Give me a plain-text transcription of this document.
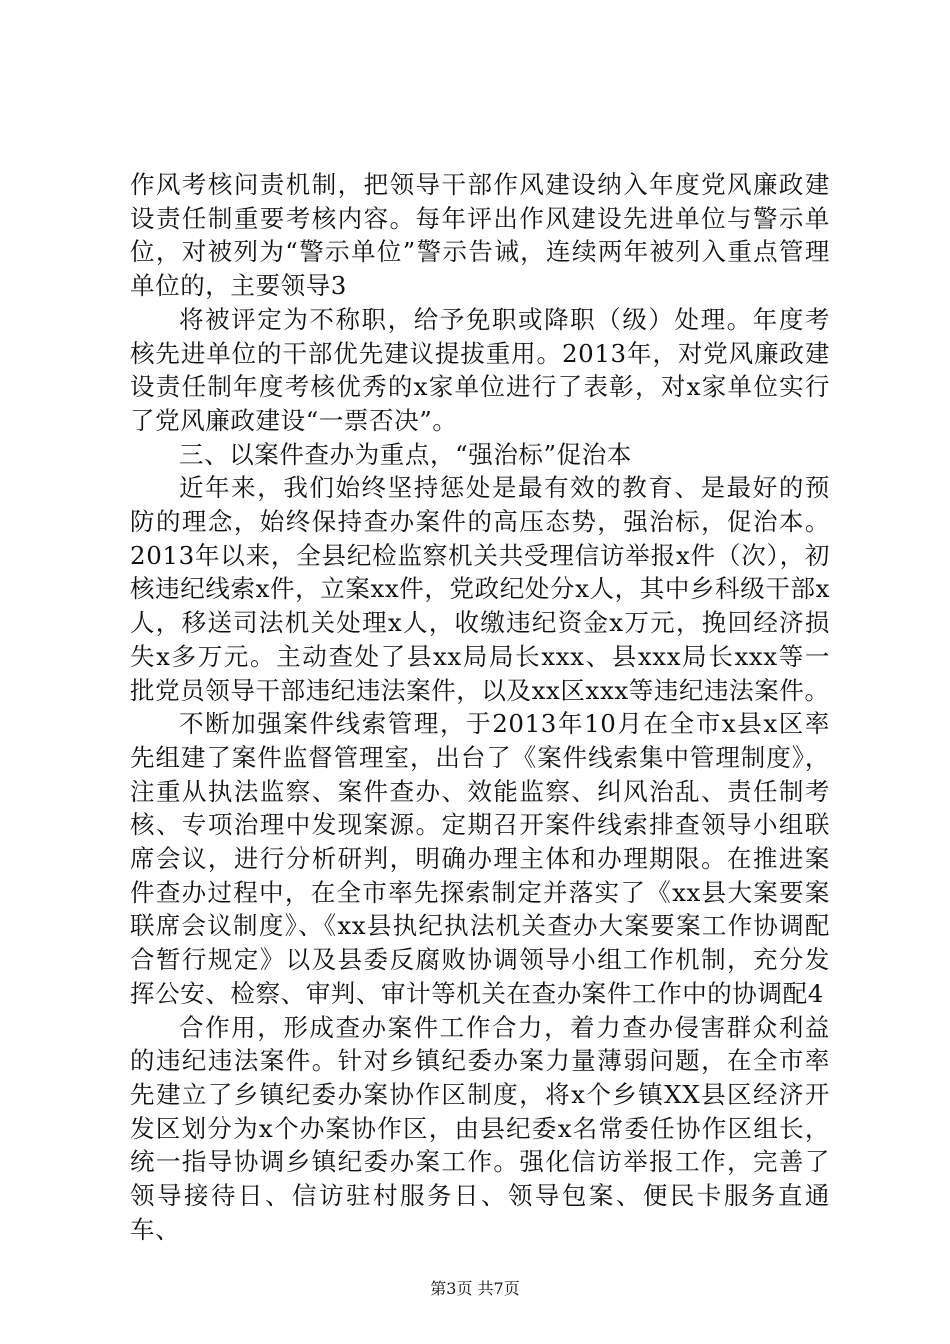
作风考核问责机制，把领导干部作风建设纳入年度党风廉政建设责任制重要考核内容。每年评出作风建设先进单位与警示单位，对被列为“警示单位”警示告诫，连续两年被列入重点管理单位的，主要领导3

将被评定为不称职，给予免职或降职（级）处理。年度考核先进单位的干部优先建议提拔重用。2013年，对党风廉政建设责任制年度考核优秀的x家单位进行了表彰，对x家单位实行了党风廉政建设“一票否决”。

三、以案件查办为重点，“强治标”促治本

近年来，我们始终坚持惩处是最有效的教育、是最好的预防的理念，始终保持查办案件的高压态势，强治标，促治本。2013年以来，全县纪检监察机关共受理信访举报x件（次），初核违纪线索x件，立案xx件，党政纪处分x人，其中乡科级干部x人，移送司法机关处理x人，收缴违纪资金x万元，挽回经济损失x多万元。主动查处了县xx局局长xxx、县xxx局长xxx等一批党员领导干部违纪违法案件，以及xx区xxx等违纪违法案件。

不断加强案件线索管理，于2013年10月在全市x县x区率先组建了案件监督管理室，出台了《案件线索集中管理制度》，注重从执法监察、案件查办、效能监察、纠风治乱、责任制考核、专项治理中发现案源。定期召开案件线索排查领导小组联席会议，进行分析研判，明确办理主体和办理期限。在推进案件查办过程中，在全市率先探索制定并落实了《xx县大案要案联席会议制度》、《xx县执纪执法机关查办大案要案工作协调配合暂行规定》以及县委反腐败协调领导小组工作机制，充分发挥公安、检察、审判、审计等机关在查办案件工作中的协调配4

合作用，形成查办案件工作合力，着力查办侵害群众利益的违纪违法案件。针对乡镇纪委办案力量薄弱问题，在全市率先建立了乡镇纪委办案协作区制度，将x个乡镇XX县区经济开发区划分为x个办案协作区，由县纪委x名常委任协作区组长，统一指导协调乡镇纪委办案工作。强化信访举报工作，完善了领导接待日、信访驻村服务日、领导包案、便民卡服务直通车、

第3页 共7页
